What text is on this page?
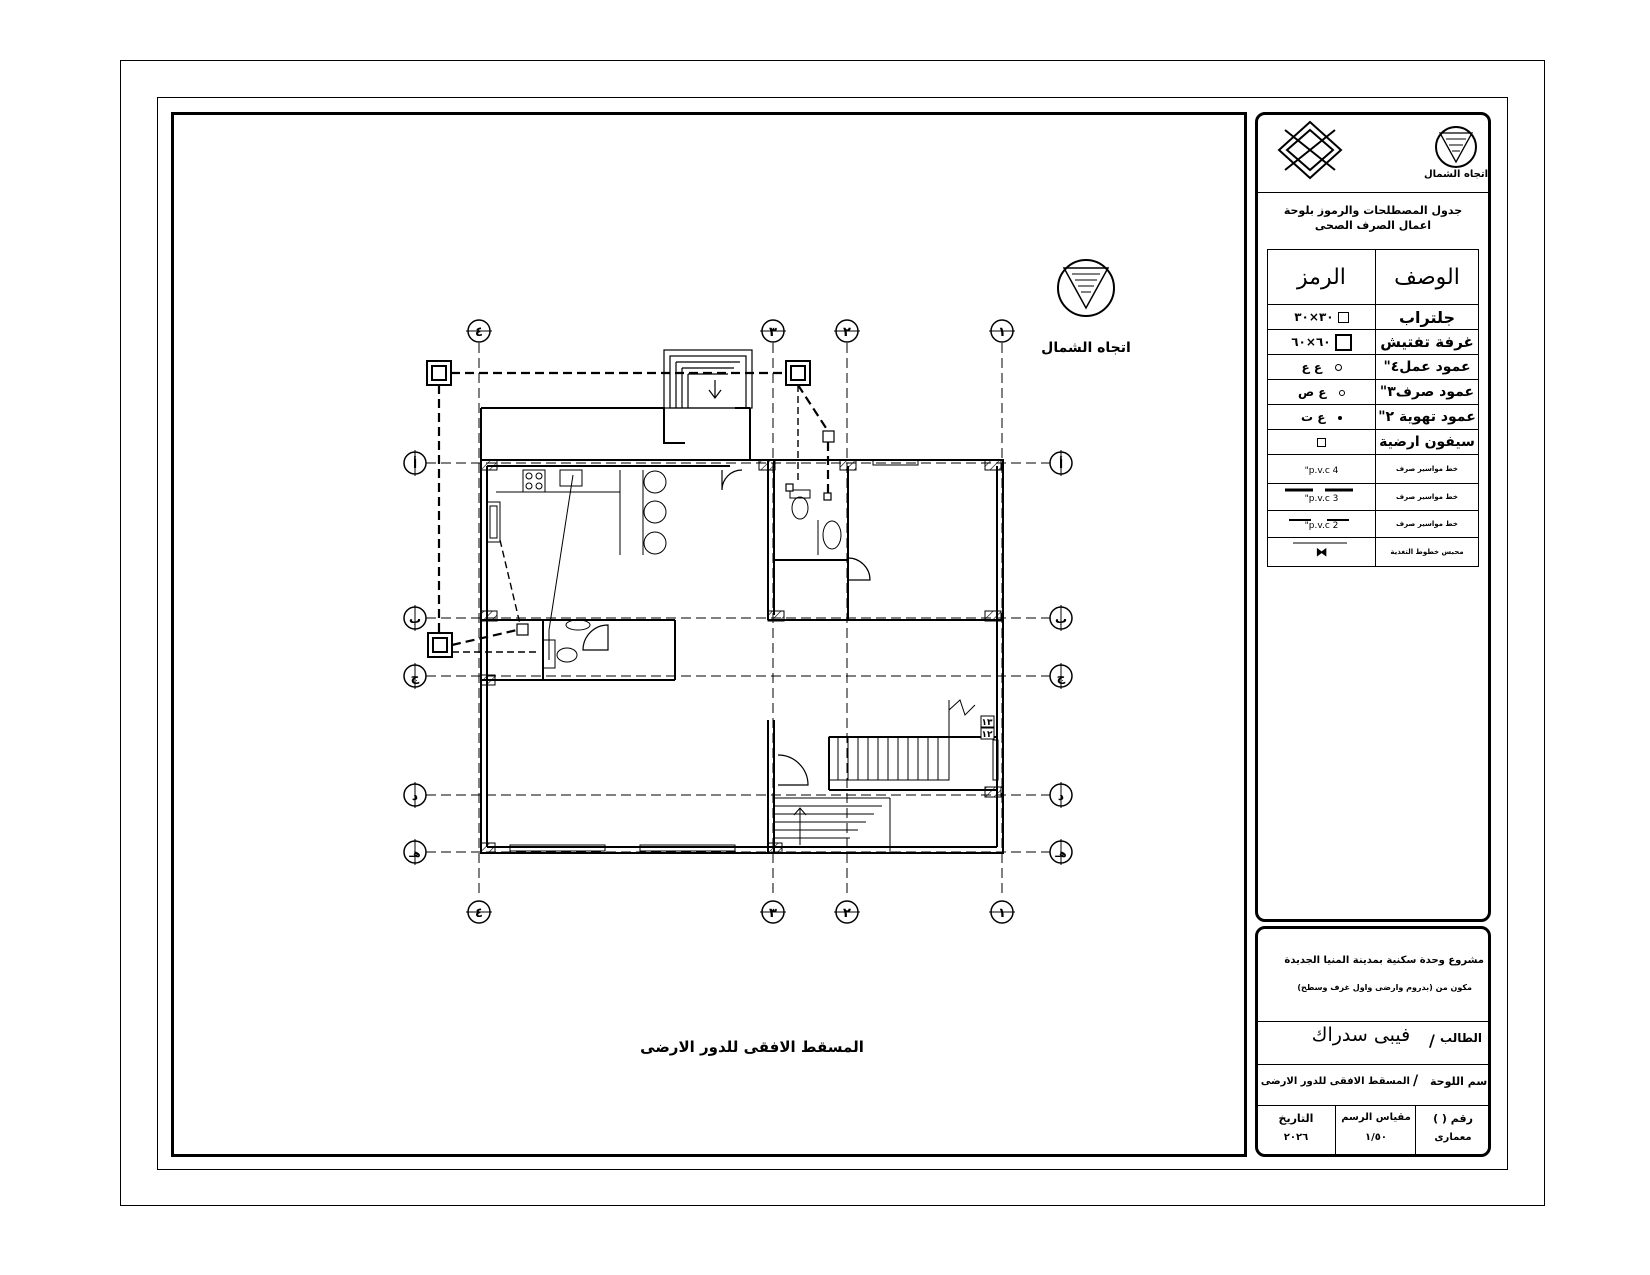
اتجاه الشمال
٤	٣	٢	١
٤	٣	٢	١
أ
ب
ج
د
هـ
أ
ب
ج
د
هـ
١٣
١٢
المسقط الافقى للدور الارضى
اتجاه الشمال
جدول المصطلحات والرموز بلوحة
اعمال الصرف الصحى
الوصف	الرمز
جلتراب	٣٠×٣٠
غرفة تفتيش	٦٠×٦٠
عمود عمل٤"	ع ع
عمود صرف٣"	ع ص
عمود تهوية ٢"	ع ت
سيفون ارضية	
خط مواسير صرف	p.v.c 4"
خط مواسير صرف	p.v.c 3"
خط مواسير صرف	p.v.c 2"
محبس خطوط التغذية	⧓
مشروع وحدة سكنية بمدينة المنيا الجديدة
مكون من (بدروم وارضى واول غرف وسطح)
الطالب
/
فيبى سدراك
اسم اللوحة
/
المسقط الافقى للدور الارضى
رقم ( )
معمارى
مقياس الرسم
١/٥٠
التاريخ
٢٠٢٦
